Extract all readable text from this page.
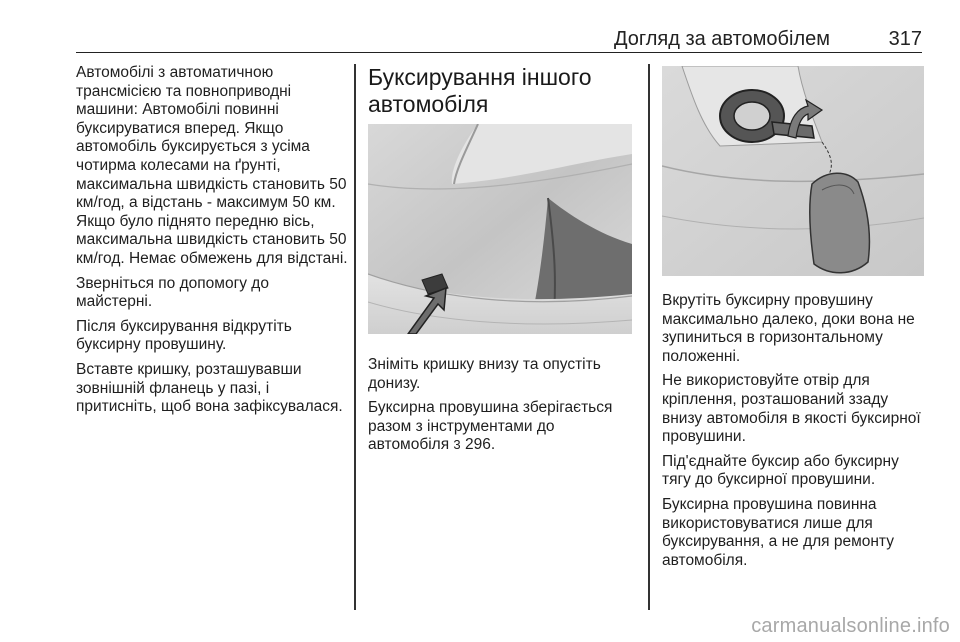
Догляд за автомобілем	317

Автомобілі з автоматичною трансмісією та повноприводні машини: Автомобілі повинні буксируватися вперед. Якщо автомобіль буксирується з усіма чотирма колесами на ґрунті, максимальна швидкість становить 50 км/год, а відстань - максимум 50 км. Якщо було піднято передню вісь, максимальна швидкість становить 50 км/год. Немає обмежень для відстані.

Зверніться по допомогу до майстерні.

Після буксирування відкрутіть буксирну провушину.

Вставте кришку, розташувавши зовнішній фланець у пазі, і притисніть, щоб вона зафіксувалася.

Буксирування іншого автомобіля

Зніміть кришку внизу та опустіть донизу.

Буксирна провушина зберігається разом з інструментами до автомобіля 3 296.

Вкрутіть буксирну провушину максимально далеко, доки вона не зупиниться в горизонтальному положенні.

Не використовуйте отвір для кріплення, розташований ззаду внизу автомобіля в якості буксирної провушини.

Під'єднайте буксир або буксирну тягу до буксирної провушини.

Буксирна провушина повинна використовуватися лише для буксирування, а не для ремонту автомобіля.

carmanualsonline.info
